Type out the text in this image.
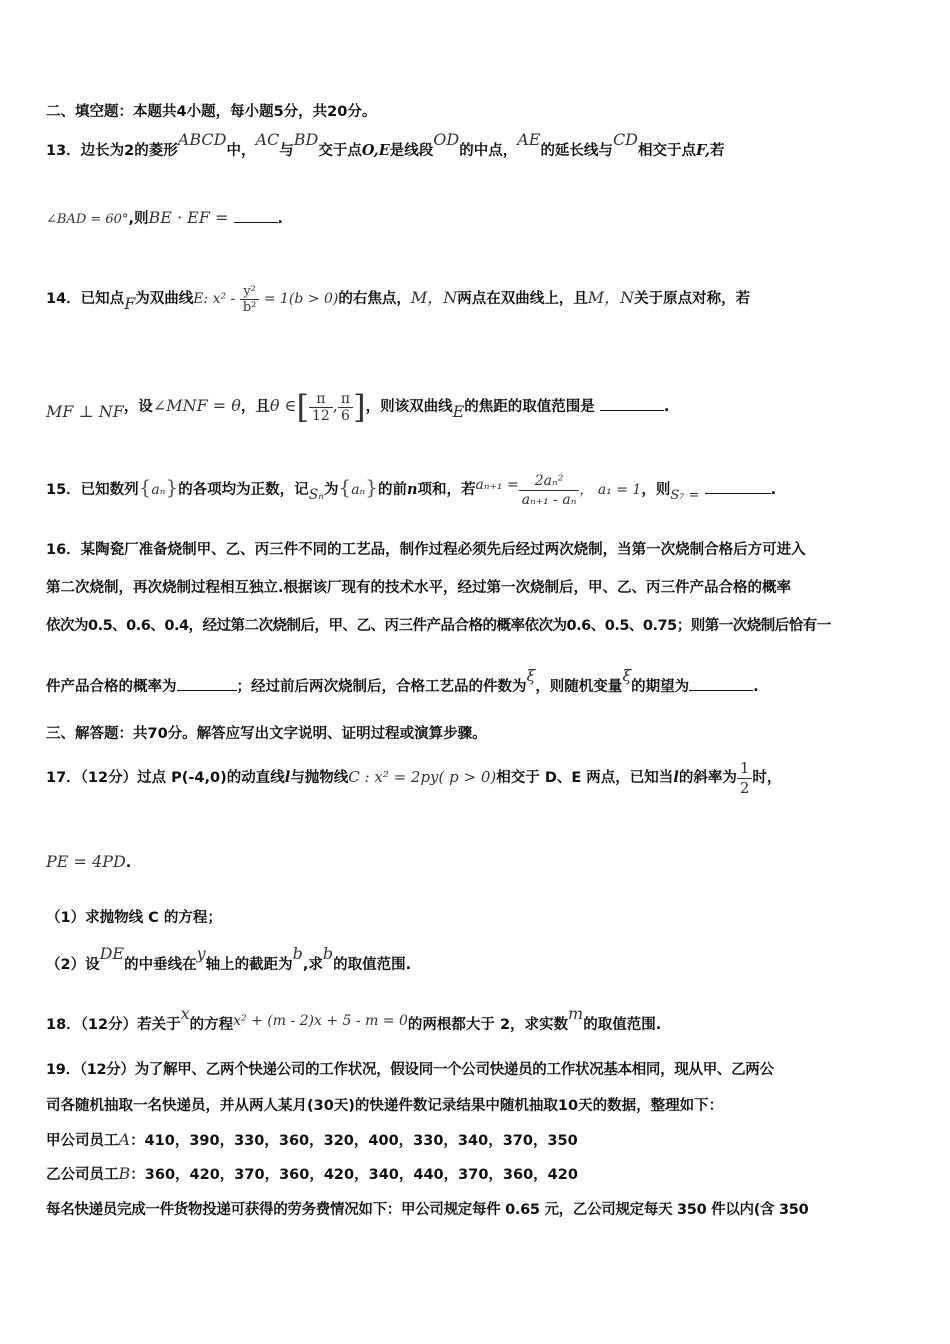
二、填空题：本题共4小题，每小题5分，共20分。
13．边长为2的菱形ABCD中，AC与BD交于点O,E是线段OD的中点，AE的延长线与CD相交于点F,若
∠BAD = 60°,则BE · EF =	.
14．已知点F为双曲线E: $x^2 - \frac{\text{y²}}{\text{b²}} = 1(b > 0)$的右焦点，M，N两点在双曲线上，且M，N关于原点对称，若
MF ⊥ NF，设∠MNF = θ，且θ ∈[ $\frac{\pi}{12}$ , $\frac{\pi}{6}$ ]，则该双曲线E的焦距的取值范围是	.
15．已知数列{aₙ}的各项均为正数，记Sₙ为{aₙ}的前n项和，若$a_{n+1} = \frac{\text{2aₙ²}}{\text{aₙ₊₁ - aₙ}}$ ， a₁ = 1，则S₇ =	.
16．某陶瓷厂准备烧制甲、乙、丙三件不同的工艺品，制作过程必须先后经过两次烧制，当第一次烧制合格后方可进入
第二次烧制，再次烧制过程相互独立.根据该厂现有的技术水平，经过第一次烧制后，甲、乙、丙三件产品合格的概率
依次为0.5、0.6、0.4，经过第二次烧制后，甲、乙、丙三件产品合格的概率依次为0.6、0.5、0.75；则第一次烧制后恰有一
件产品合格的概率为	；经过前后两次烧制后，合格工艺品的件数为ξ，则随机变量ξ的期望为	.
三、解答题：共70分。解答应写出文字说明、证明过程或演算步骤。
17．（12分）过点 P(-4,0)的动直线l与抛物线C : x² = 2py( p > 0)相交于 D、E 两点，已知当l的斜率为 $\frac{1}{2}$ 时，
PE = 4PD.
（1）求抛物线 C 的方程；
（2）设DE的中垂线在y轴上的截距为b,求b的取值范围.
18．（12分）若关于x的方程x² + (m - 2)x + 5 - m = 0的两根都大于 2，求实数m的取值范围.
19．（12分）为了解甲、乙两个快递公司的工作状况，假设同一个公司快递员的工作状况基本相同，现从甲、乙两公
司各随机抽取一名快递员，并从两人某月(30天)的快递件数记录结果中随机抽取10天的数据，整理如下：
甲公司员工A：410，390，330，360，320，400，330，340，370，350
乙公司员工B：360，420，370，360，420，340，440，370，360，420
每名快递员完成一件货物投递可获得的劳务费情况如下：甲公司规定每件 0.65 元，乙公司规定每天 350 件以内(含 350
